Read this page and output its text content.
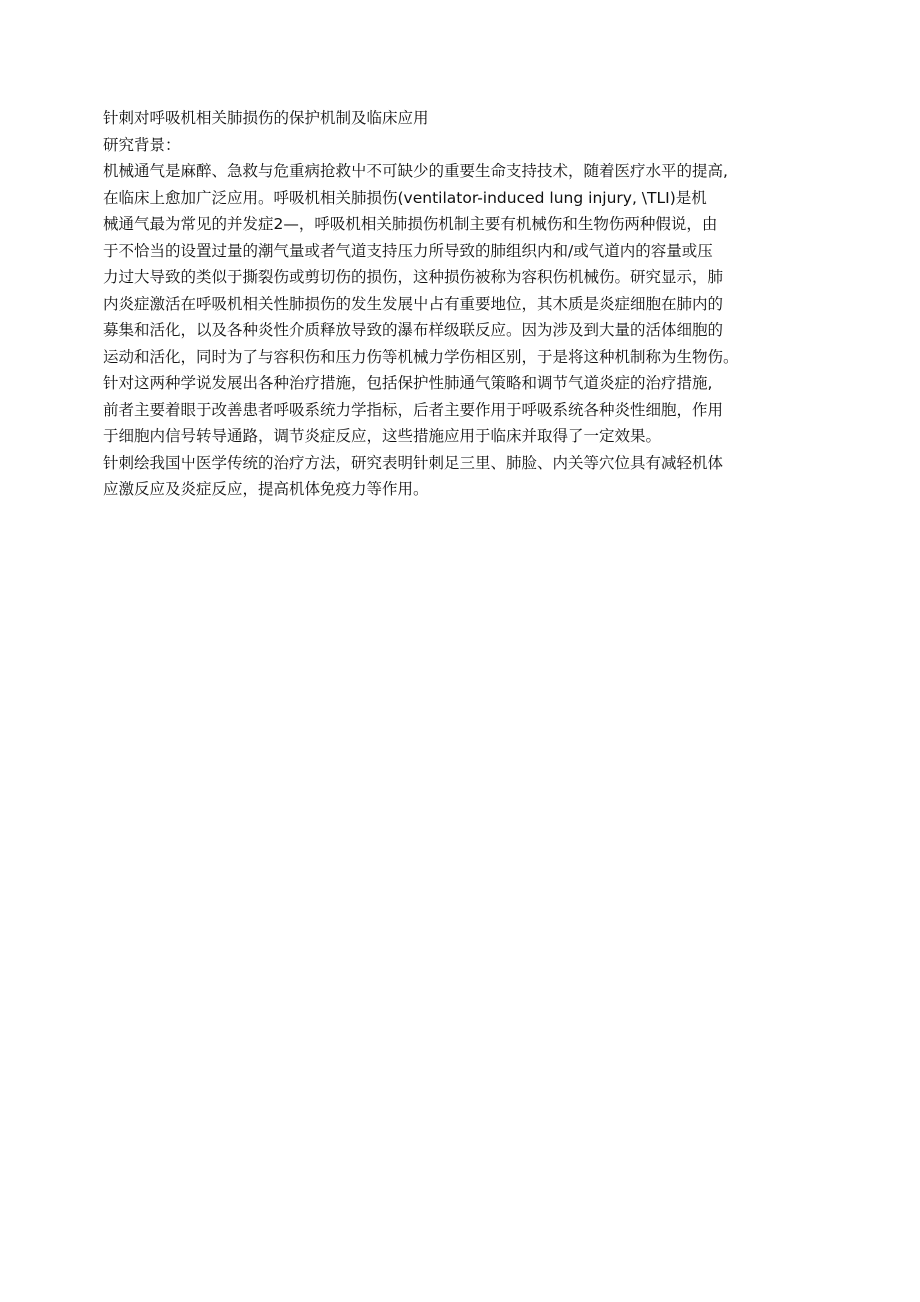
针刺对呼吸机相关肺损伤的保护机制及临床应用
研究背景：
机械通气是麻醉、急救与危重病抢救屮不可缺少的重要生命支持技术，随着医疗水平的提高,
在临床上愈加广泛应用。呼吸机相关肺损伤(ventilator-induced lung injury, \TLI)是机
械通气最为常见的并发症2—，呼吸机相关肺损伤机制主要有机械伤和生物伤两种假说，由
于不恰当的设置过量的潮气量或者气道支持压力所导致的肺组织内和/或气道内的容量或压
力过大导致的类似于撕裂伤或剪切伤的损伤，这种损伤被称为容积伤机械伤。研究显示，肺
内炎症激活在呼吸机相关性肺损伤的发生发展屮占有重要地位，其木质是炎症细胞在肺内的
募集和活化，以及各种炎性介质释放导致的瀑布样级联反应。因为涉及到大量的活体细胞的
运动和活化，同时为了与容积伤和压力伤等机械力学伤相区别，于是将这种机制称为生物伤。
针对这两种学说发展出各种治疗措施，包括保护性肺通气策略和调节气道炎症的治疗措施,
前者主要着眼于改善患者呼吸系统力学指标，后者主要作用于呼吸系统各种炎性细胞，作用
于细胞内信号转导通路，调节炎症反应，这些措施应用于临床并取得了一定效果。
针刺绘我国屮医学传统的治疗方法，研究表明针刺足三里、肺脸、内关等穴位具有减轻机体
应激反应及炎症反应，提高机体免疫力等作用。
